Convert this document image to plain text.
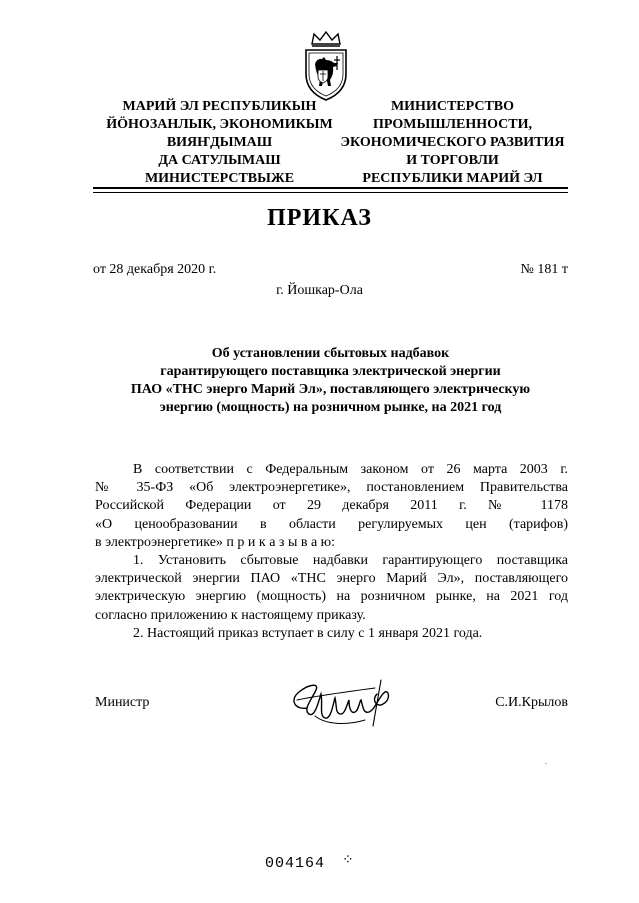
МАРИЙ ЭЛ РЕСПУБЛИКЫН
ЙӦНОЗАНЛЫК, ЭКОНОМИКЫМ
ВИЯҤДЫМАШ
ДА САТУЛЫМАШ
МИНИСТЕРСТВЫЖЕ
МИНИСТЕРСТВО
ПРОМЫШЛЕННОСТИ,
ЭКОНОМИЧЕСКОГО РАЗВИТИЯ
И ТОРГОВЛИ
РЕСПУБЛИКИ МАРИЙ ЭЛ
ПРИКАЗ
от 28 декабря 2020 г.	№ 181 т
г. Йошкар-Ола
Об установлении сбытовых надбавок
гарантирующего поставщика электрической энергии
ПАО «ТНС энерго Марий Эл», поставляющего электрическую
энергию (мощность) на розничном рынке, на 2021 год
В соответствии с Федеральным законом от 26 марта 2003 г.
№ 35-ФЗ «Об электроэнергетике», постановлением Правительства
Российской Федерации от 29 декабря 2011 г. № 1178
«О ценообразовании в области регулируемых цен (тарифов)
в электроэнергетике» п р и к а з ы в а ю:
1. Установить сбытовые надбавки гарантирующего поставщика
электрической энергии ПАО «ТНС энерго Марий Эл», поставляющего
электрическую энергию (мощность) на розничном рынке, на 2021 год
согласно приложению к настоящему приказу.
2. Настоящий приказ вступает в силу с 1 января 2021 года.
Министр	С.И.Крылов
004164 ⁘
